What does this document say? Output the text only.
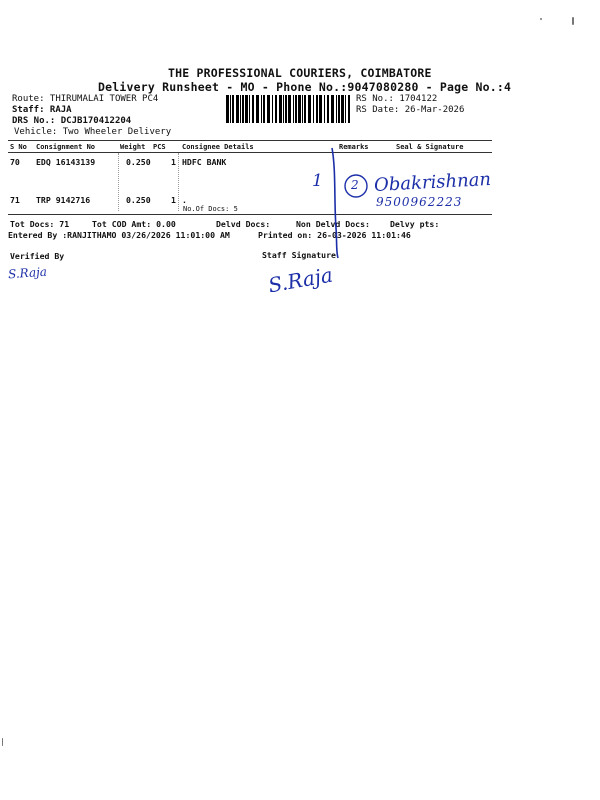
THE PROFESSIONAL COURIERS, COIMBATORE
Delivery Runsheet - MO - Phone No.:9047080280 - Page No.:4
Route: THIRUMALAI TOWER PC4
Staff: RAJA
DRS No.: DCJB170412204
Vehicle: Two Wheeler Delivery
RS No.: 1704122
RS Date: 26-Mar-2026
S No Consignment No	Weight PCS Consignee Details	Remarks	Seal & Signature
70 EDQ 16143139	0.250 1 HDFC BANK
71 TRP 9142716	0.250 1 .
No.Of Docs: 5
Tot Docs: 71	Tot COD Amt: 0.00	Delvd Docs:	Non Delvd Docs: Delvy pts:
Entered By :RANJITHAMO 03/26/2026 11:01:00 AM	Printed on: 26-03-2026 11:01:46
Verified By	Staff Signature
S.Raja
1 2 Obakrishnan
9500962223
S.Raja
